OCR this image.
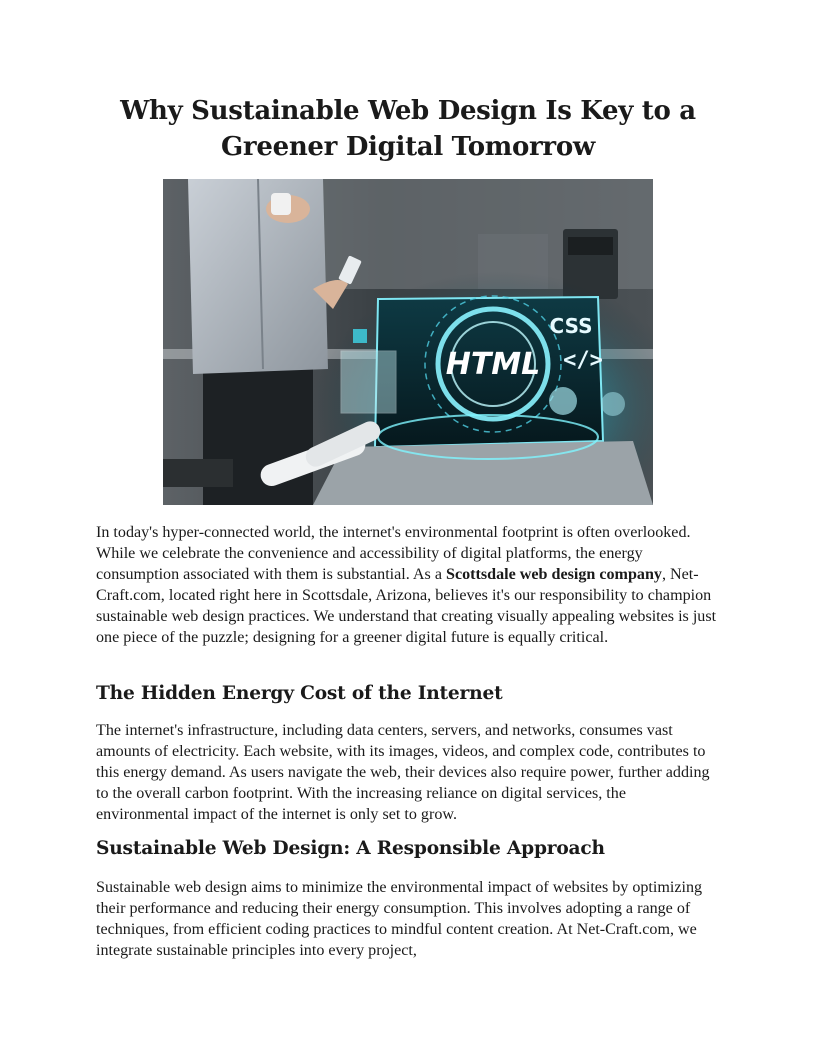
Why Sustainable Web Design Is Key to a
Greener Digital Tomorrow
HTML
CSS
</>

In today's hyper-connected world, the internet's environmental footprint is often overlooked. While we celebrate the convenience and accessibility of digital platforms, the energy consumption associated with them is substantial. As a Scottsdale web design company, Net-Craft.com, located right here in Scottsdale, Arizona, believes it's our responsibility to champion sustainable web design practices. We understand that creating visually appealing websites is just one piece of the puzzle; designing for a greener digital future is equally critical.

The Hidden Energy Cost of the Internet

The internet's infrastructure, including data centers, servers, and networks, consumes vast amounts of electricity. Each website, with its images, videos, and complex code, contributes to this energy demand. As users navigate the web, their devices also require power, further adding to the overall carbon footprint. With the increasing reliance on digital services, the environmental impact of the internet is only set to grow.

Sustainable Web Design: A Responsible Approach

Sustainable web design aims to minimize the environmental impact of websites by optimizing their performance and reducing their energy consumption. This involves adopting a range of techniques, from efficient coding practices to mindful content creation. At Net-Craft.com, we integrate sustainable principles into every project,
